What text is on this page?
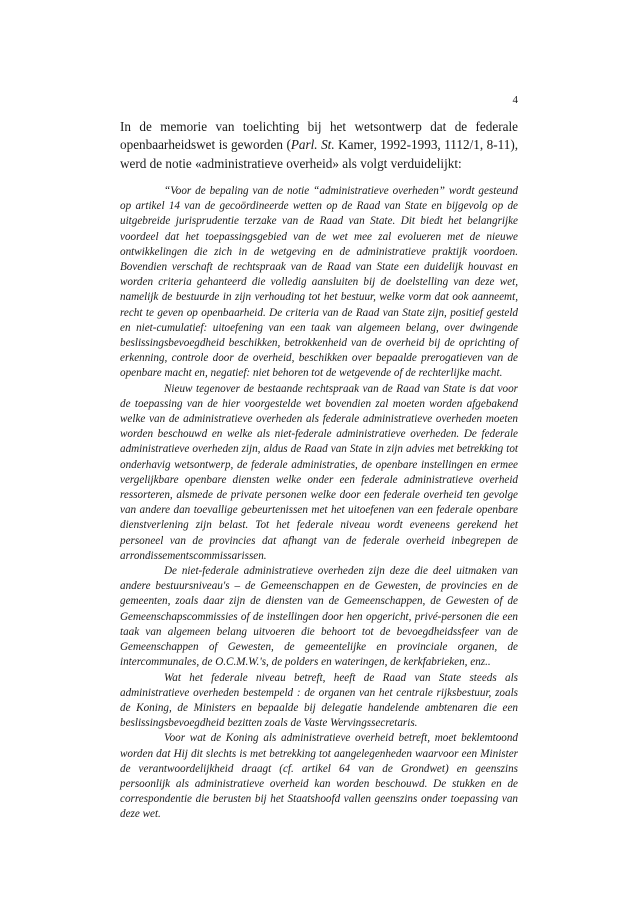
4

In de memorie van toelichting bij het wetsontwerp dat de federale openbaarheidswet is geworden (Parl. St. Kamer, 1992-1993, 1112/1, 8-11), werd de notie «administratieve overheid» als volgt verduidelijkt:

“Voor de bepaling van de notie “administratieve overheden” wordt gesteund op artikel 14 van de gecoördineerde wetten op de Raad van State en bijgevolg op de uitgebreide jurisprudentie terzake van de Raad van State. Dit biedt het belangrijke voordeel dat het toepassingsgebied van de wet mee zal evolueren met de nieuwe ontwikkelingen die zich in de wetgeving en de administratieve praktijk voordoen. Bovendien verschaft de rechtspraak van de Raad van State een duidelijk houvast en worden criteria gehanteerd die volledig aansluiten bij de doelstelling van deze wet, namelijk de bestuurde in zijn verhouding tot het bestuur, welke vorm dat ook aanneemt, recht te geven op openbaarheid. De criteria van de Raad van State zijn, positief gesteld en niet-cumulatief: uitoefening van een taak van algemeen belang, over dwingende beslissingsbevoegdheid beschikken, betrokkenheid van de overheid bij de oprichting of erkenning, controle door de overheid, beschikken over bepaalde prerogatieven van de openbare macht en, negatief: niet behoren tot de wetgevende of de rechterlijke macht.

Nieuw tegenover de bestaande rechtspraak van de Raad van State is dat voor de toepassing van de hier voorgestelde wet bovendien zal moeten worden afgebakend welke van de administratieve overheden als federale administratieve overheden moeten worden beschouwd en welke als niet-federale administratieve overheden. De federale administratieve overheden zijn, aldus de Raad van State in zijn advies met betrekking tot onderhavig wetsontwerp, de federale administraties, de openbare instellingen en ermee vergelijkbare openbare diensten welke onder een federale administratieve overheid ressorteren, alsmede de private personen welke door een federale overheid ten gevolge van andere dan toevallige gebeurtenissen met het uitoefenen van een federale openbare dienstverlening zijn belast. Tot het federale niveau wordt eveneens gerekend het personeel van de provincies dat afhangt van de federale overheid inbegrepen de arrondissementscommissarissen.

De niet-federale administratieve overheden zijn deze die deel uitmaken van andere bestuursniveau's – de Gemeenschappen en de Gewesten, de provincies en de gemeenten, zoals daar zijn de diensten van de Gemeenschappen, de Gewesten of de Gemeenschapscommissies of de instellingen door hen opgericht, privé-personen die een taak van algemeen belang uitvoeren die behoort tot de bevoegdheidssfeer van de Gemeenschappen of Gewesten, de gemeentelijke en provinciale organen, de intercommunales, de O.C.M.W.'s, de polders en wateringen, de kerkfabrieken, enz..

Wat het federale niveau betreft, heeft de Raad van State steeds als administratieve overheden bestempeld : de organen van het centrale rijksbestuur, zoals de Koning, de Ministers en bepaalde bij delegatie handelende ambtenaren die een beslissingsbevoegdheid bezitten zoals de Vaste Wervingssecretaris.

Voor wat de Koning als administratieve overheid betreft, moet beklemtoond worden dat Hij dit slechts is met betrekking tot aangelegenheden waarvoor een Minister de verantwoordelijkheid draagt (cf. artikel 64 van de Grondwet) en geenszins persoonlijk als administratieve overheid kan worden beschouwd. De stukken en de correspondentie die berusten bij het Staatshoofd vallen geenszins onder toepassing van deze wet.
